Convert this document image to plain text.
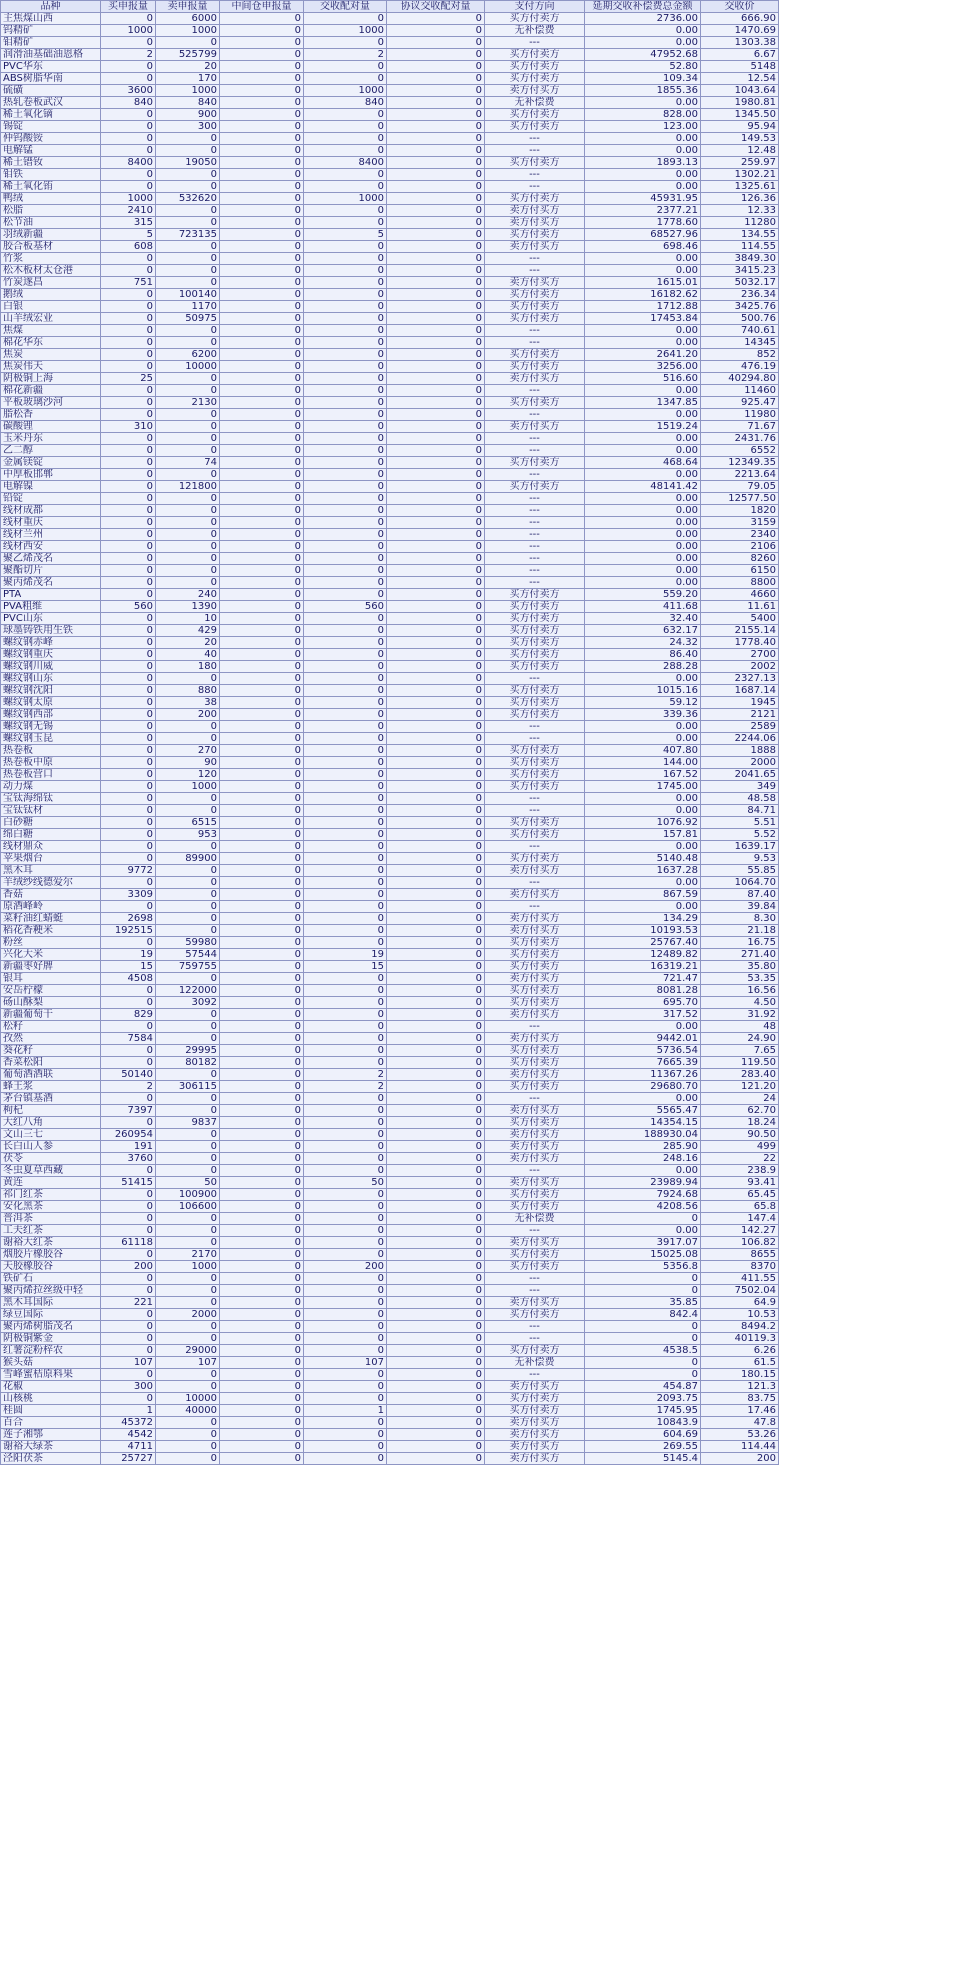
品种	买申报量	卖申报量	中间仓申报量	交收配对量	协议交收配对量	支付方向	延期交收补偿费总金额	交收价
主焦煤山西	0	6000	0	0	0	买方付卖方	2736.00	666.90
钨精矿	1000	1000	0	1000	0	无补偿费	0.00	1470.69
钼精矿	0	0	0	0	0	---	0.00	1303.38
润滑油基础油恩格	2	525799	0	2	0	买方付卖方	47952.68	6.67
PVC华东	0	20	0	0	0	买方付卖方	52.80	5148
ABS树脂华南	0	170	0	0	0	买方付卖方	109.34	12.54
硫磺	3600	1000	0	1000	0	卖方付买方	1855.36	1043.64
热轧卷板武汉	840	840	0	840	0	无补偿费	0.00	1980.81
稀土氧化镝	0	900	0	0	0	买方付卖方	828.00	1345.50
锡锭	0	300	0	0	0	买方付卖方	123.00	95.94
仲钨酸铵	0	0	0	0	0	---	0.00	149.53
电解锰	0	0	0	0	0	---	0.00	12.48
稀土镨钕	8400	19050	0	8400	0	买方付卖方	1893.13	259.97
钼铁	0	0	0	0	0	---	0.00	1302.21
稀土氧化铕	0	0	0	0	0	---	0.00	1325.61
鸭绒	1000	532620	0	1000	0	买方付卖方	45931.95	126.36
松脂	2410	0	0	0	0	卖方付买方	2377.21	12.33
松节油	315	0	0	0	0	卖方付买方	1778.60	11280
羽绒新疆	5	723135	0	5	0	买方付卖方	68527.96	134.55
胶合板基材	608	0	0	0	0	卖方付买方	698.46	114.55
竹浆	0	0	0	0	0	---	0.00	3849.30
松木板材太仓港	0	0	0	0	0	---	0.00	3415.23
竹炭遂昌	751	0	0	0	0	卖方付买方	1615.01	5032.17
鹅绒	0	100140	0	0	0	买方付卖方	16182.62	236.34
白银	0	1170	0	0	0	买方付卖方	1712.88	3425.76
山羊绒宏业	0	50975	0	0	0	买方付卖方	17453.84	500.76
焦煤	0	0	0	0	0	---	0.00	740.61
棉花华东	0	0	0	0	0	---	0.00	14345
焦炭	0	6200	0	0	0	买方付卖方	2641.20	852
焦炭伟天	0	10000	0	0	0	买方付卖方	3256.00	476.19
阴极铜上海	25	0	0	0	0	卖方付买方	516.60	40294.80
棉花新疆	0	0	0	0	0	---	0.00	11460
平板玻璃沙河	0	2130	0	0	0	买方付卖方	1347.85	925.47
脂松香	0	0	0	0	0	---	0.00	11980
碳酸锂	310	0	0	0	0	卖方付买方	1519.24	71.67
玉米丹东	0	0	0	0	0	---	0.00	2431.76
乙二醇	0	0	0	0	0	---	0.00	6552
金属镁锭	0	74	0	0	0	买方付卖方	468.64	12349.35
中厚板邯郸	0	0	0	0	0	---	0.00	2213.64
电解镍	0	121800	0	0	0	买方付卖方	48141.42	79.05
铅锭	0	0	0	0	0	---	0.00	12577.50
线材成都	0	0	0	0	0	---	0.00	1820
线材重庆	0	0	0	0	0	---	0.00	3159
线材兰州	0	0	0	0	0	---	0.00	2340
线材西安	0	0	0	0	0	---	0.00	2106
聚乙烯茂名	0	0	0	0	0	---	0.00	8260
聚酯切片	0	0	0	0	0	---	0.00	6150
聚丙烯茂名	0	0	0	0	0	---	0.00	8800
PTA	0	240	0	0	0	买方付卖方	559.20	4660
PVA粗维	560	1390	0	560	0	买方付卖方	411.68	11.61
PVC山东	0	10	0	0	0	买方付卖方	32.40	5400
球墨铸铁用生铁	0	429	0	0	0	买方付卖方	632.17	2155.14
螺纹钢赤峰	0	20	0	0	0	买方付卖方	24.32	1778.40
螺纹钢重庆	0	40	0	0	0	买方付卖方	86.40	2700
螺纹钢川威	0	180	0	0	0	买方付卖方	288.28	2002
螺纹钢山东	0	0	0	0	0	---	0.00	2327.13
螺纹钢沈阳	0	880	0	0	0	买方付卖方	1015.16	1687.14
螺纹钢太原	0	38	0	0	0	买方付卖方	59.12	1945
螺纹钢西部	0	200	0	0	0	买方付卖方	339.36	2121
螺纹钢无锡	0	0	0	0	0	---	0.00	2589
螺纹钢玉昆	0	0	0	0	0	---	0.00	2244.06
热卷板	0	270	0	0	0	买方付卖方	407.80	1888
热卷板中原	0	90	0	0	0	买方付卖方	144.00	2000
热卷板营口	0	120	0	0	0	买方付卖方	167.52	2041.65
动力煤	0	1000	0	0	0	买方付卖方	1745.00	349
宝钛海绵钛	0	0	0	0	0	---	0.00	48.58
宝钛钛材	0	0	0	0	0	---	0.00	84.71
白砂糖	0	6515	0	0	0	买方付卖方	1076.92	5.51
绵白糖	0	953	0	0	0	买方付卖方	157.81	5.52
线材鼎众	0	0	0	0	0	---	0.00	1639.17
苹果烟台	0	89900	0	0	0	买方付卖方	5140.48	9.53
黑木耳	9772	0	0	0	0	卖方付买方	1637.28	55.85
羊绒纱线德爱尔	0	0	0	0	0	---	0.00	1064.70
香菇	3309	0	0	0	0	卖方付买方	867.59	87.40
原酒峰岭	0	0	0	0	0	---	0.00	39.84
菜籽油红蜻蜓	2698	0	0	0	0	卖方付买方	134.29	8.30
稻花香粳米	192515	0	0	0	0	卖方付买方	10193.53	21.18
粉丝	0	59980	0	0	0	买方付卖方	25767.40	16.75
兴化大米	19	57544	0	19	0	买方付卖方	12489.82	271.40
新疆枣好牌	15	759755	0	15	0	买方付卖方	16319.21	35.80
银耳	4508	0	0	0	0	卖方付买方	721.47	53.35
安岳柠檬	0	122000	0	0	0	买方付卖方	8081.28	16.56
砀山酥梨	0	3092	0	0	0	买方付卖方	695.70	4.50
新疆葡萄干	829	0	0	0	0	卖方付买方	317.52	31.92
松籽	0	0	0	0	0	---	0.00	48
孜然	7584	0	0	0	0	卖方付买方	9442.01	24.90
葵花籽	0	29995	0	0	0	买方付卖方	5736.54	7.65
香菜松阳	0	80182	0	0	0	买方付卖方	7665.39	119.50
葡萄酒酒联	50140	0	0	2	0	卖方付买方	11367.26	283.40
蜂王浆	2	306115	0	2	0	买方付卖方	29680.70	121.20
茅台镇基酒	0	0	0	0	0	---	0.00	24
枸杞	7397	0	0	0	0	卖方付买方	5565.47	62.70
大红八角	0	9837	0	0	0	买方付卖方	14354.15	18.24
文山三七	260954	0	0	0	0	卖方付买方	188930.04	90.50
长白山人参	191	0	0	0	0	卖方付买方	285.90	499
茯苓	3760	0	0	0	0	卖方付买方	248.16	22
冬虫夏草西藏	0	0	0	0	0	---	0.00	238.9
黄连	51415	50	0	50	0	卖方付买方	23989.94	93.41
祁门红茶	0	100900	0	0	0	买方付卖方	7924.68	65.45
安化黑茶	0	106600	0	0	0	买方付卖方	4208.56	65.8
普洱茶	0	0	0	0	0	无补偿费	0	147.4
工夫红茶	0	0	0	0	0	---	0.00	142.27
谢裕大红茶	61118	0	0	0	0	卖方付买方	3917.07	106.82
烟胶片橡胶谷	0	2170	0	0	0	买方付卖方	15025.08	8655
天胶橡胶谷	200	1000	0	200	0	买方付卖方	5356.8	8370
铁矿石	0	0	0	0	0	---	0	411.55
聚丙烯拉丝级中轻	0	0	0	0	0	---	0	7502.04
黑木耳国际	221	0	0	0	0	卖方付买方	35.85	64.9
绿豆国际	0	2000	0	0	0	买方付卖方	842.4	10.53
聚丙烯树脂茂名	0	0	0	0	0	---	0	8494.2
阴极铜紫金	0	0	0	0	0	---	0	40119.3
红薯淀粉梓农	0	29000	0	0	0	买方付卖方	4538.5	6.26
猴头菇	107	107	0	107	0	无补偿费	0	61.5
雪峰蜜桔原料果	0	0	0	0	0	---	0	180.15
花椒	300	0	0	0	0	卖方付买方	454.87	121.3
山核桃	0	10000	0	0	0	买方付卖方	2093.75	83.75
桂圆	1	40000	0	1	0	买方付卖方	1745.95	17.46
百合	45372	0	0	0	0	卖方付买方	10843.9	47.8
莲子湘鄂	4542	0	0	0	0	卖方付买方	604.69	53.26
谢裕大绿茶	4711	0	0	0	0	卖方付买方	269.55	114.44
泾阳茯茶	25727	0	0	0	0	卖方付买方	5145.4	200
